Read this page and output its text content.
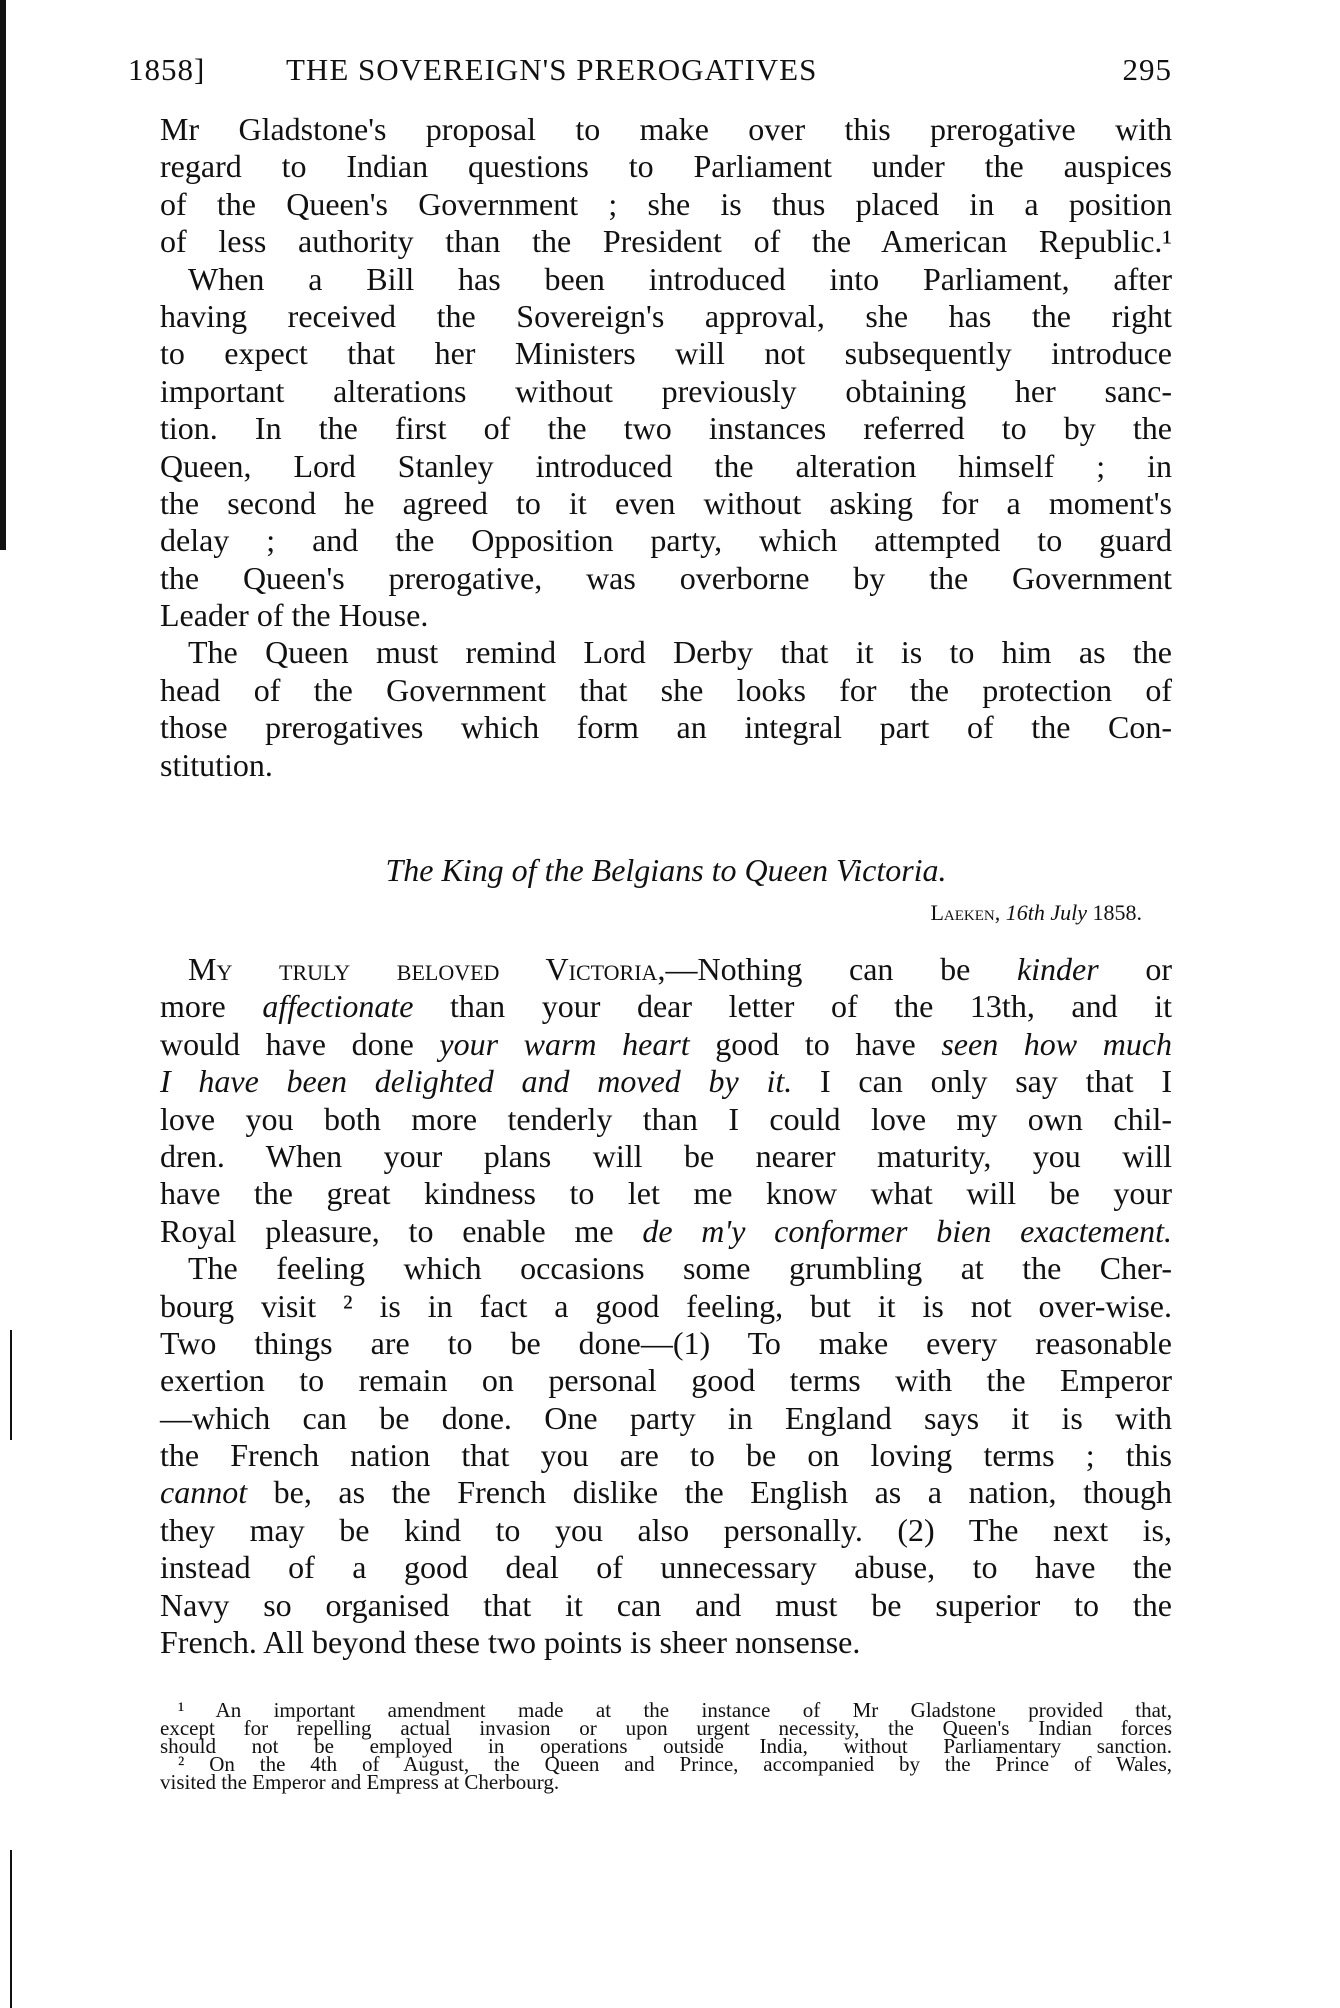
1858]	THE SOVEREIGN'S PREROGATIVES	295
Mr Gladstone's proposal to make over this prerogative with
regard to Indian questions to Parliament under the auspices
of the Queen's Government ; she is thus placed in a position
of less authority than the President of the American Republic.¹
When a Bill has been introduced into Parliament, after
having received the Sovereign's approval, she has the right
to expect that her Ministers will not subsequently introduce
important alterations without previously obtaining her sanc-
tion. In the first of the two instances referred to by the
Queen, Lord Stanley introduced the alteration himself ; in
the second he agreed to it even without asking for a moment's
delay ; and the Opposition party, which attempted to guard
the Queen's prerogative, was overborne by the Government
Leader of the House.
The Queen must remind Lord Derby that it is to him as the
head of the Government that she looks for the protection of
those prerogatives which form an integral part of the Con-
stitution.
The King of the Belgians to Queen Victoria.
Laeken, 16th July 1858.
My truly beloved Victoria,—Nothing can be kinder or
more affectionate than your dear letter of the 13th, and it
would have done your warm heart good to have seen how much
I have been delighted and moved by it. I can only say that I
love you both more tenderly than I could love my own chil-
dren. When your plans will be nearer maturity, you will
have the great kindness to let me know what will be your
Royal pleasure, to enable me de m'y conformer bien exactement.
The feeling which occasions some grumbling at the Cher-
bourg visit ² is in fact a good feeling, but it is not over-wise.
Two things are to be done—(1) To make every reasonable
exertion to remain on personal good terms with the Emperor
—which can be done. One party in England says it is with
the French nation that you are to be on loving terms ; this
cannot be, as the French dislike the English as a nation, though
they may be kind to you also personally. (2) The next is,
instead of a good deal of unnecessary abuse, to have the
Navy so organised that it can and must be superior to the
French. All beyond these two points is sheer nonsense.
¹ An important amendment made at the instance of Mr Gladstone provided that,
except for repelling actual invasion or upon urgent necessity, the Queen's Indian forces
should not be employed in operations outside India, without Parliamentary sanction.
² On the 4th of August, the Queen and Prince, accompanied by the Prince of Wales,
visited the Emperor and Empress at Cherbourg.
